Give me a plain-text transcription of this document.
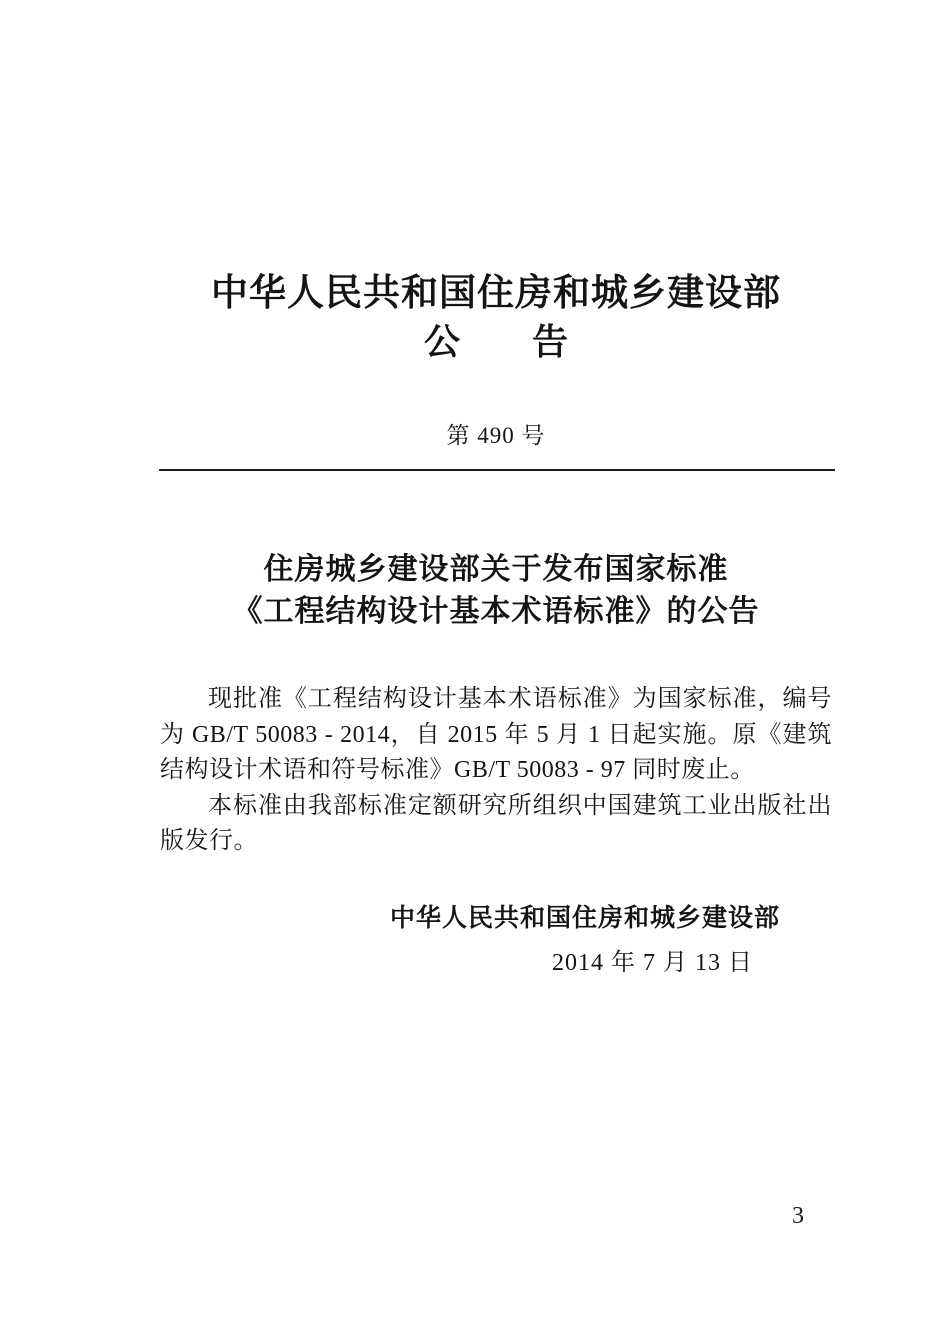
中华人民共和国住房和城乡建设部
公　　告
第 490 号
住房城乡建设部关于发布国家标准
《工程结构设计基本术语标准》的公告

现批准《工程结构设计基本术语标准》为国家标准，编号为 GB/T 50083 - 2014，自 2015 年 5 月 1 日起实施。原《建筑结构设计术语和符号标准》GB/T 50083 - 97 同时废止。

本标准由我部标准定额研究所组织中国建筑工业出版社出版发行。

中华人民共和国住房和城乡建设部
2014 年 7 月 13 日
3
